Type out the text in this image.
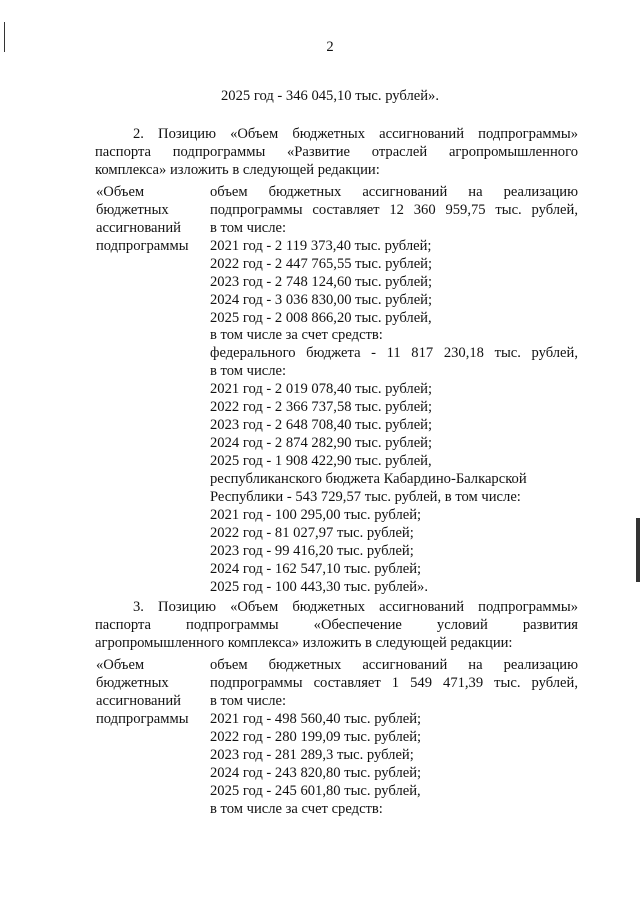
2
2025 год - 346 045,10 тыс. рублей».
2. Позицию «Объем бюджетных ассигнований подпрограммы»
паспорта подпрограммы «Развитие отраслей агропромышленного
комплекса» изложить в следующей редакции:
«Объем
бюджетных
ассигнований
подпрограммы
объем бюджетных ассигнований на реализацию
подпрограммы составляет 12 360 959,75 тыс. рублей,
в том числе:
2021 год - 2 119 373,40 тыс. рублей;
2022 год - 2 447 765,55 тыс. рублей;
2023 год - 2 748 124,60 тыс. рублей;
2024 год - 3 036 830,00 тыс. рублей;
2025 год - 2 008 866,20 тыс. рублей,
в том числе за счет средств:
федерального бюджета - 11 817 230,18 тыс. рублей,
в том числе:
2021 год - 2 019 078,40 тыс. рублей;
2022 год - 2 366 737,58 тыс. рублей;
2023 год - 2 648 708,40 тыс. рублей;
2024 год - 2 874 282,90 тыс. рублей;
2025 год - 1 908 422,90 тыс. рублей,
республиканского бюджета Кабардино-Балкарской
Республики - 543 729,57 тыс. рублей, в том числе:
2021 год - 100 295,00 тыс. рублей;
2022 год - 81 027,97 тыс. рублей;
2023 год - 99 416,20 тыс. рублей;
2024 год - 162 547,10 тыс. рублей;
2025 год - 100 443,30 тыс. рублей».
3. Позицию «Объем бюджетных ассигнований подпрограммы»
паспорта подпрограммы «Обеспечение условий развития
агропромышленного комплекса» изложить в следующей редакции:
«Объем
бюджетных
ассигнований
подпрограммы
объем бюджетных ассигнований на реализацию
подпрограммы составляет 1 549 471,39 тыс. рублей,
в том числе:
2021 год - 498 560,40 тыс. рублей;
2022 год - 280 199,09 тыс. рублей;
2023 год - 281 289,3 тыс. рублей;
2024 год - 243 820,80 тыс. рублей;
2025 год - 245 601,80 тыс. рублей,
в том числе за счет средств:
